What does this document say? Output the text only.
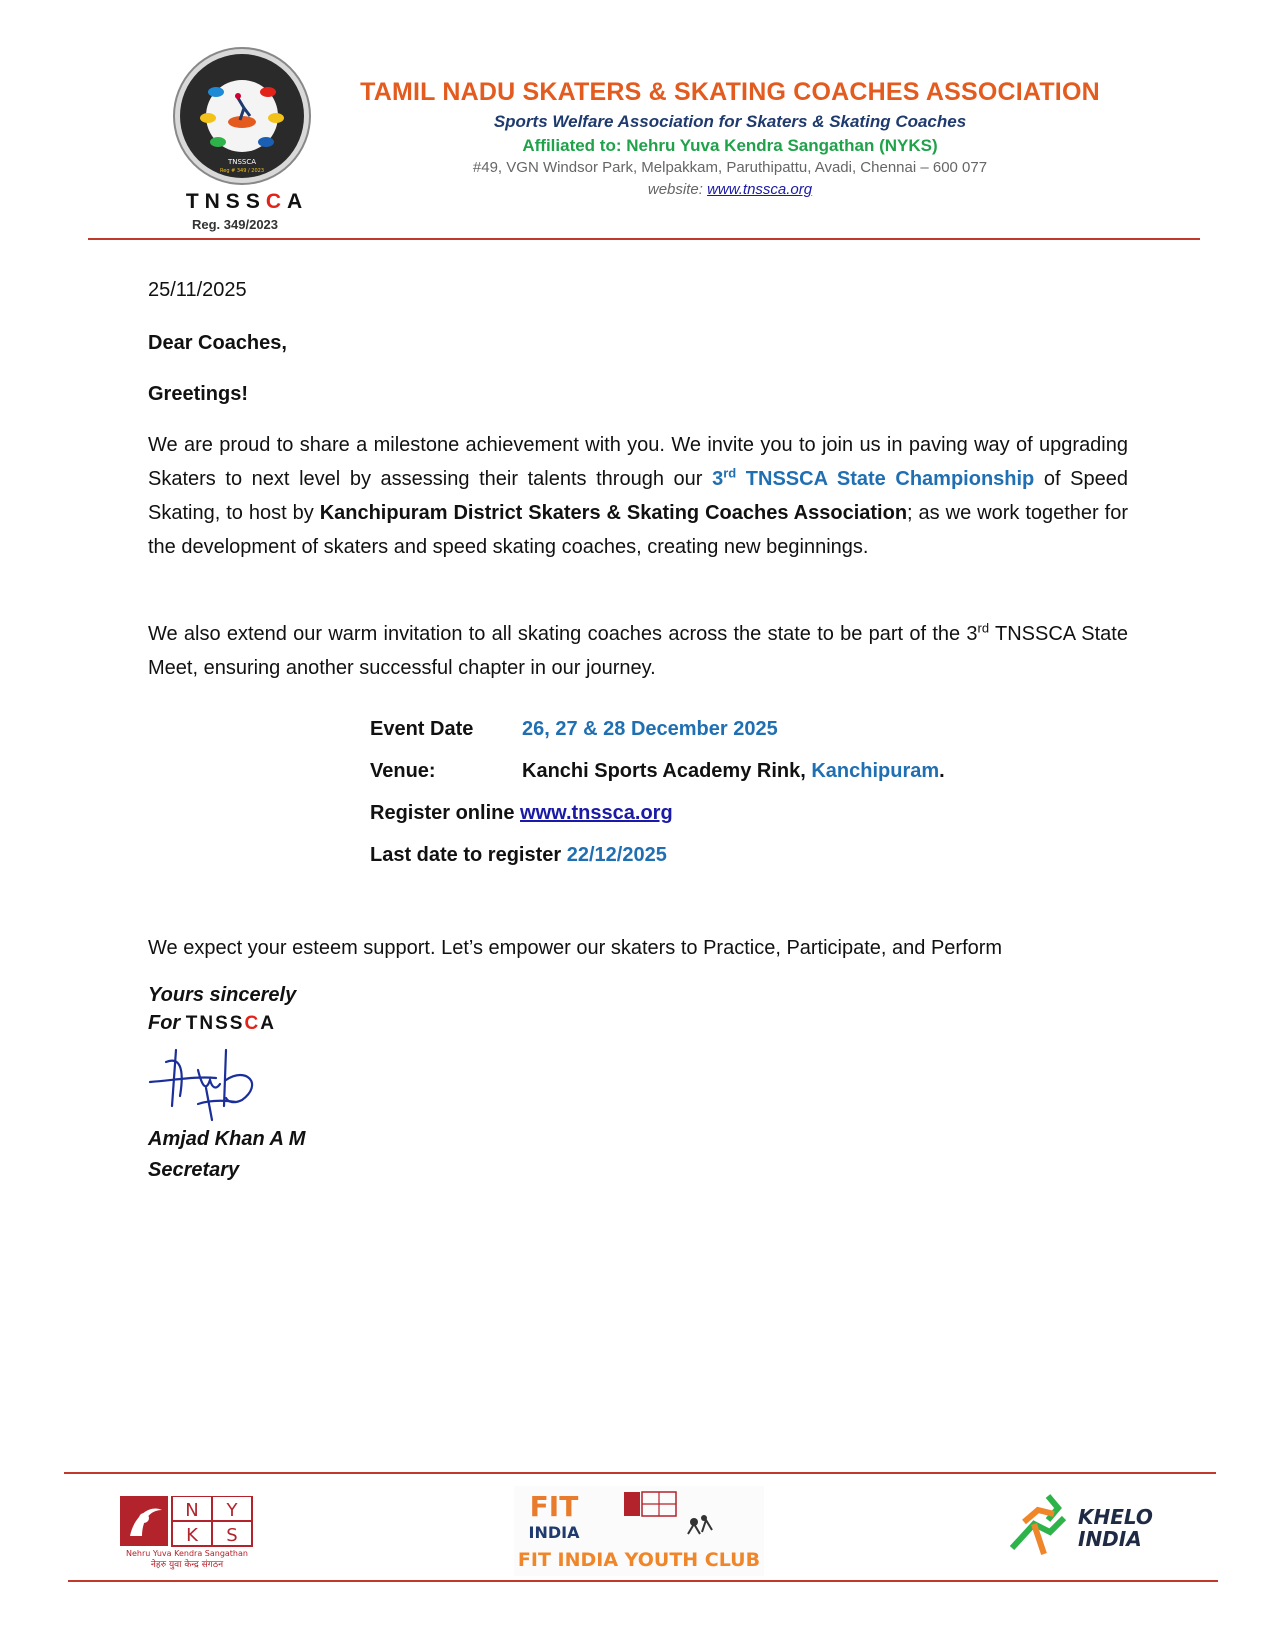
TNSSCA
Reg # 349 / 2023
TNSSCA
Reg. 349/2023
TAMIL NADU SKATERS & SKATING COACHES ASSOCIATION
Sports Welfare Association for Skaters & Skating Coaches
Affiliated to: Nehru Yuva Kendra Sangathan (NYKS)
#49, VGN Windsor Park, Melpakkam, Paruthipattu, Avadi, Chennai – 600 077
website: www.tnssca.org
25/11/2025
Dear Coaches,
Greetings!
We are proud to share a milestone achievement with you. We invite you to join us in paving way of upgrading Skaters to next level by assessing their talents through our 3rd TNSSCA State Championship of Speed Skating, to host by Kanchipuram District Skaters & Skating Coaches Association; as we work together for the development of skaters and speed skating coaches, creating new beginnings.
We also extend our warm invitation to all skating coaches across the state to be part of the 3rd TNSSCA State Meet, ensuring another successful chapter in our journey.
Event Date 26, 27 & 28 December 2025
Venue:	Kanchi Sports Academy Rink, Kanchipuram.
Register online www.tnssca.org
Last date to register 22/12/2025
We expect your esteem support. Let’s empower our skaters to Practice, Participate, and Perform
Yours sincerely
For TNSSCA
Amjad Khan A M
Secretary
N Y
K S
Nehru Yuva Kendra Sangathan
नेहरु युवा केन्द्र संगठन
FIT
INDIA
FIT INDIA YOUTH CLUB
KHELO
INDIA
